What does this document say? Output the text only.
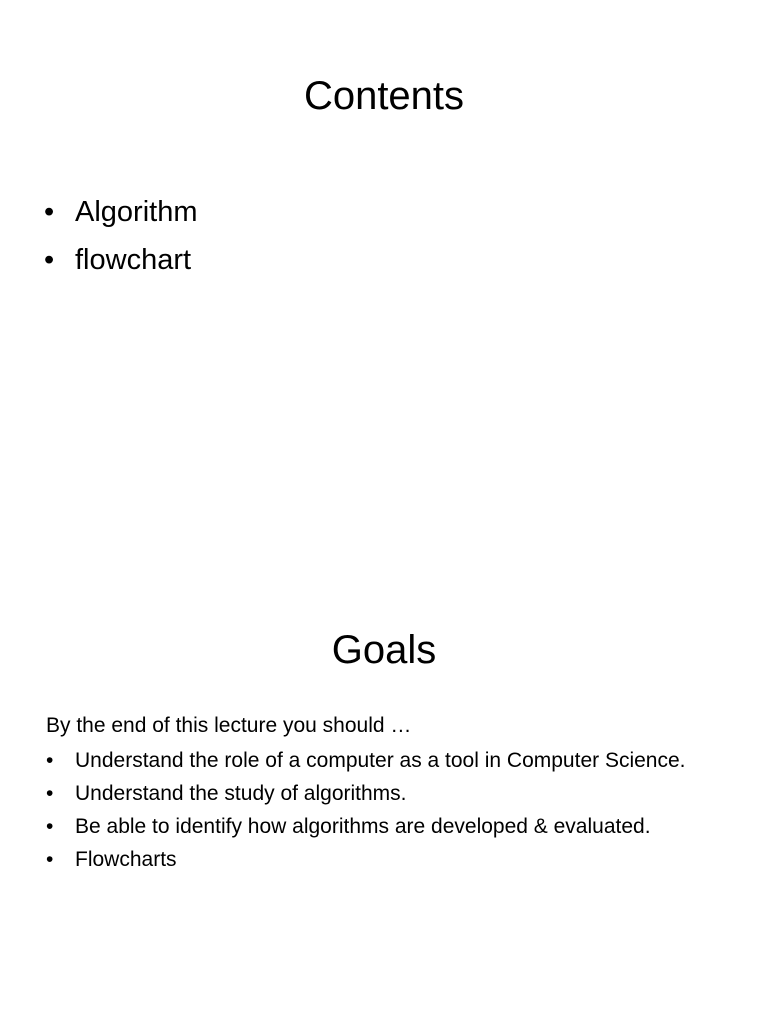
Contents
• Algorithm
• flowchart
Goals

By the end of this lecture you should …

• Understand the role of a computer as a tool in Computer Science.
• Understand the study of algorithms.
• Be able to identify how algorithms are developed & evaluated.
• Flowcharts
